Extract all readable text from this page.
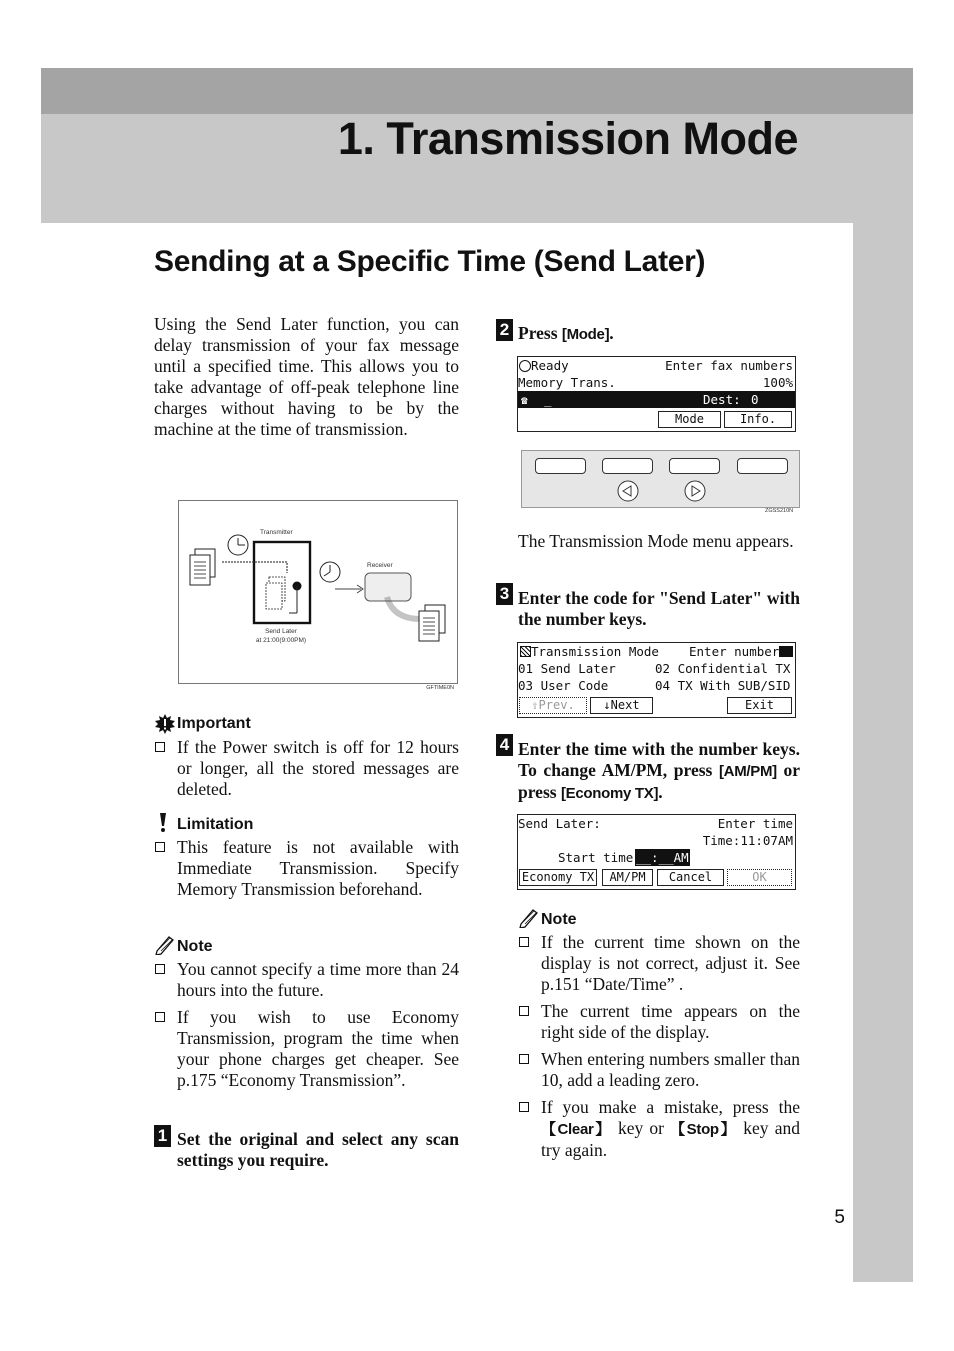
1. Transmission Mode
Sending at a Specific Time (Send Later)
Using the Send Later function, you can delay transmission of your fax message until a specified time. This allows you to take advantage of off-peak telephone line charges without having to be by the machine at the time of transmission.
Transmitter
Receiver
Send Later
at 21:00(9:00PM)
GFTIME0N
Important
If the Power switch is off for 12 hours or longer, all the stored messages are deleted.
Limitation
This feature is not available with Immediate Transmission. Specify Memory Transmission beforehand.
Note
You cannot specify a time more than 24 hours into the future.
If you wish to use Economy Transmission, program the time when your phone charges get cheaper. See p.175 “Economy Transmission”.
1 Set the original and select any scan settings you require.
2 Press [Mode].

Ready

	Enter fax numbers

Memory Trans.

	100%

☎

_

	Dest:

0

Mode	Info.
ZGSS210N
The Transmission Mode menu appears.
3 Enter the code for "Send Later" with the number keys.

Transmission Mode

Enter number

01 Send Later

	02 Confidential TX

03 User Code

	04 TX With SUB/SID

⇧Prev.	↓Next	Exit
4 Enter the time with the number keys. To change AM/PM, press [AM/PM] or press [Economy TX].

Send Later:

	Enter time

Time:11:07AM

Start time

__:__AM

Economy TX	AM/PM	Cancel	OK
Note
If the current time shown on the display is not correct, adjust it. See p.151 “Date/Time” .
The current time appears on the right side of the display.
When entering numbers smaller than 10, add a leading zero.
If you make a mistake, press the 【Clear】 key or 【Stop】 key and try again.
5
